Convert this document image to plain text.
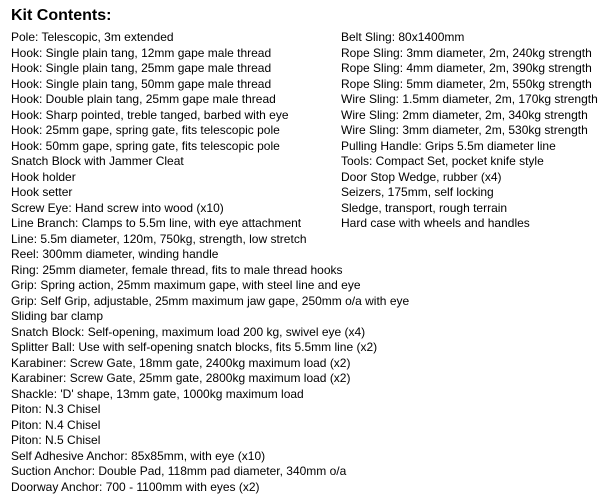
Kit Contents:
Pole: Telescopic, 3m extended
Hook: Single plain tang, 12mm gape male thread
Hook: Single plain tang, 25mm gape male thread
Hook: Single plain tang, 50mm gape male thread
Hook: Double plain tang, 25mm gape male thread
Hook: Sharp pointed, treble tanged, barbed with eye
Hook: 25mm gape, spring gate, fits telescopic pole
Hook: 50mm gape, spring gate, fits telescopic pole
Snatch Block with Jammer Cleat
Hook holder
Hook setter
Screw Eye: Hand screw into wood (x10)
Line Branch: Clamps to 5.5m line, with eye attachment
Line: 5.5m diameter, 120m, 750kg, strength, low stretch
Reel: 300mm diameter, winding handle
Ring: 25mm diameter, female thread, fits to male thread hooks
Grip: Spring action, 25mm maximum gape, with steel line and eye
Grip: Self Grip, adjustable, 25mm maximum jaw gape, 250mm o/a with eye
Sliding bar clamp
Snatch Block: Self-opening, maximum load 200 kg, swivel eye (x4)
Splitter Ball: Use with self-opening snatch blocks, fits 5.5mm line (x2)
Karabiner: Screw Gate, 18mm gate, 2400kg maximum load (x2)
Karabiner: Screw Gate, 25mm gate, 2800kg maximum load (x2)
Shackle: 'D' shape, 13mm gate, 1000kg maximum load
Piton: N.3 Chisel
Piton: N.4 Chisel
Piton: N.5 Chisel
Self Adhesive Anchor: 85x85mm, with eye (x10)
Suction Anchor: Double Pad, 118mm pad diameter, 340mm o/a
Doorway Anchor: 700 - 1100mm with eyes (x2)
Belt Sling: 80x1400mm
Rope Sling: 3mm diameter, 2m, 240kg strength
Rope Sling: 4mm diameter, 2m, 390kg strength
Rope Sling: 5mm diameter, 2m, 550kg strength
Wire Sling: 1.5mm diameter, 2m, 170kg strength
Wire Sling: 2mm diameter, 2m, 340kg strength
Wire Sling: 3mm diameter, 2m, 530kg strength
Pulling Handle: Grips 5.5m diameter line
Tools: Compact Set, pocket knife style
Door Stop Wedge, rubber (x4)
Seizers, 175mm, self locking
Sledge, transport, rough terrain
Hard case with wheels and handles
